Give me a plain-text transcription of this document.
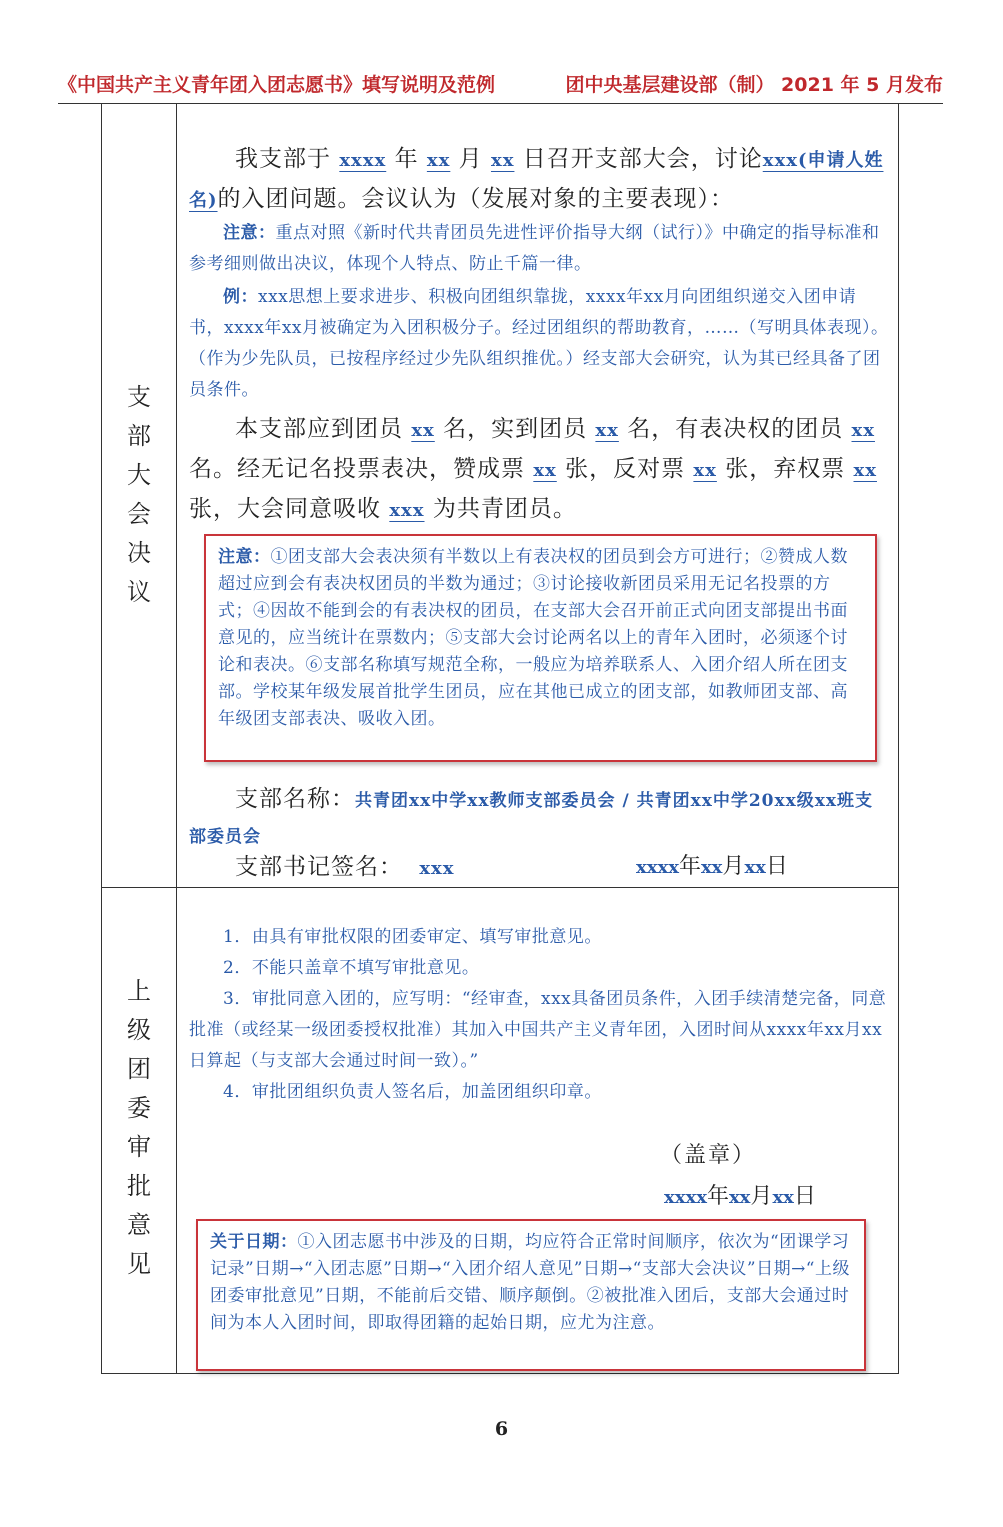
《中国共产主义青年团入团志愿书》填写说明及范例	团中央基层建设部（制） 2021 年 5 月发布
支
部
大
会
决
议
我支部于 xxxx 年 xx 月 xx 日召开支部大会，讨论xxx(申请人姓名)的入团问题。会议认为（发展对象的主要表现）：
注意：重点对照《新时代共青团员先进性评价指导大纲（试行）》中确定的指导标准和参考细则做出决议，体现个人特点、防止千篇一律。
例：xxx思想上要求进步、积极向团组织靠拢，xxxx年xx月向团组织递交入团申请书，xxxx年xx月被确定为入团积极分子。经过团组织的帮助教育，……（写明具体表现）。（作为少先队员，已按程序经过少先队组织推优。）经支部大会研究，认为其已经具备了团员条件。
本支部应到团员 xx 名，实到团员 xx 名，有表决权的团员 xx 名。经无记名投票表决，赞成票 xx 张，反对票 xx 张，弃权票 xx 张，大会同意吸收 xxx 为共青团员。
注意：①团支部大会表决须有半数以上有表决权的团员到会方可进行；②赞成人数超过应到会有表决权团员的半数为通过；③讨论接收新团员采用无记名投票的方式；④因故不能到会的有表决权的团员，在支部大会召开前正式向团支部提出书面意见的，应当统计在票数内；⑤支部大会讨论两名以上的青年入团时，必须逐个讨论和表决。⑥支部名称填写规范全称，一般应为培养联系人、入团介绍人所在团支部。学校某年级发展首批学生团员，应在其他已成立的团支部，如教师团支部、高年级团支部表决、吸收入团。
支部名称：共青团xx中学xx教师支部委员会 / 共青团xx中学20xx级xx班支部委员会
支部书记签名： xxx	xxxx年xx月xx日
上
级
团
委
审
批
意
见
1．由具有审批权限的团委审定、填写审批意见。
2．不能只盖章不填写审批意见。
3．审批同意入团的，应写明：“经审查，xxx具备团员条件，入团手续清楚完备，同意批准（或经某一级团委授权批准）其加入中国共产主义青年团，入团时间从xxxx年xx月xx日算起（与支部大会通过时间一致）。”
4．审批团组织负责人签名后，加盖团组织印章。
（盖章）
xxxx年xx月xx日
关于日期：①入团志愿书中涉及的日期，均应符合正常时间顺序，依次为“团课学习记录”日期→“入团志愿”日期→“入团介绍人意见”日期→“支部大会决议”日期→“上级团委审批意见”日期，不能前后交错、顺序颠倒。②被批准入团后，支部大会通过时间为本人入团时间，即取得团籍的起始日期，应尤为注意。
6
